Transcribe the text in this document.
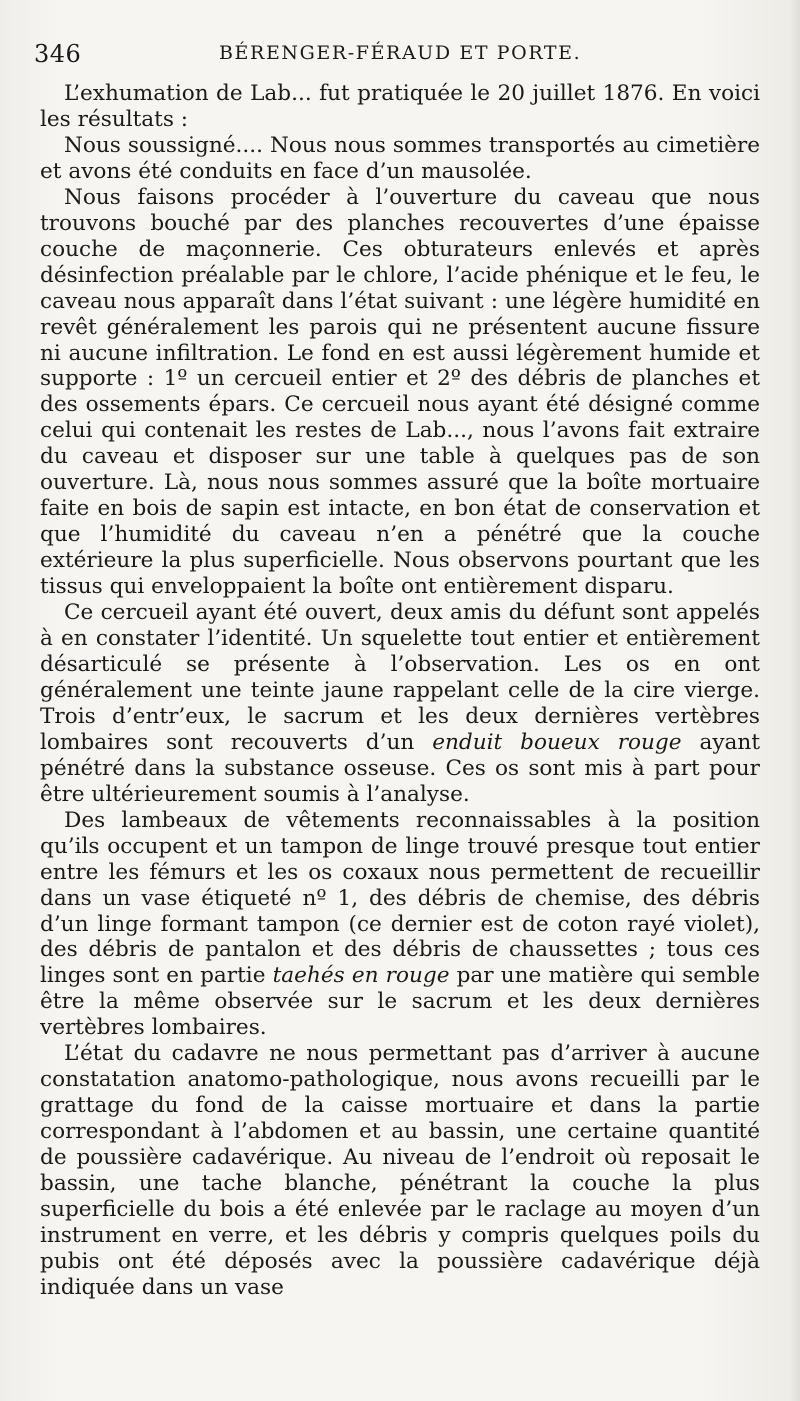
346	BÉRENGER-FÉRAUD ET PORTE.

L’exhumation de Lab... fut pratiquée le 20 juillet 1876. En voici les résultats :

Nous soussigné.... Nous nous sommes transportés au cimetière et avons été conduits en face d’un mausolée.

Nous faisons procéder à l’ouverture du caveau que nous trouvons bouché par des planches recouvertes d’une épaisse couche de maçonnerie. Ces obturateurs enlevés et après désinfection préalable par le chlore, l’acide phénique et le feu, le caveau nous apparaît dans l’état suivant : une légère humidité en revêt généralement les parois qui ne présentent aucune fissure ni aucune infiltration. Le fond en est aussi légèrement humide et supporte : 1º un cercueil entier et 2º des débris de planches et des ossements épars. Ce cercueil nous ayant été désigné comme celui qui contenait les restes de Lab..., nous l’avons fait extraire du caveau et disposer sur une table à quelques pas de son ouverture. Là, nous nous sommes assuré que la boîte mortuaire faite en bois de sapin est intacte, en bon état de conservation et que l’humidité du caveau n’en a pénétré que la couche extérieure la plus superficielle. Nous observons pourtant que les tissus qui enveloppaient la boîte ont entièrement disparu.

Ce cercueil ayant été ouvert, deux amis du défunt sont appelés à en constater l’identité. Un squelette tout entier et entièrement désarticulé se présente à l’observation. Les os en ont généralement une teinte jaune rappelant celle de la cire vierge. Trois d’entr’eux, le sacrum et les deux dernières vertèbres lombaires sont recouverts d’un enduit boueux rouge ayant pénétré dans la substance osseuse. Ces os sont mis à part pour être ultérieurement soumis à l’analyse.

Des lambeaux de vêtements reconnaissables à la position qu’ils occupent et un tampon de linge trouvé presque tout entier entre les fémurs et les os coxaux nous permettent de recueillir dans un vase étiqueté nº 1, des débris de chemise, des débris d’un linge formant tampon (ce dernier est de coton rayé violet), des débris de pantalon et des débris de chaussettes ; tous ces linges sont en partie taehés en rouge par une matière qui semble être la même observée sur le sacrum et les deux dernières vertèbres lombaires.

L’état du cadavre ne nous permettant pas d’arriver à aucune constatation anatomo-pathologique, nous avons recueilli par le grattage du fond de la caisse mortuaire et dans la partie correspondant à l’abdomen et au bassin, une certaine quantité de poussière cadavérique. Au niveau de l’endroit où reposait le bassin, une tache blanche, pénétrant la couche la plus superficielle du bois a été enlevée par le raclage au moyen d’un instrument en verre, et les débris y compris quelques poils du pubis ont été déposés avec la poussière cadavérique déjà indiquée dans un vase
